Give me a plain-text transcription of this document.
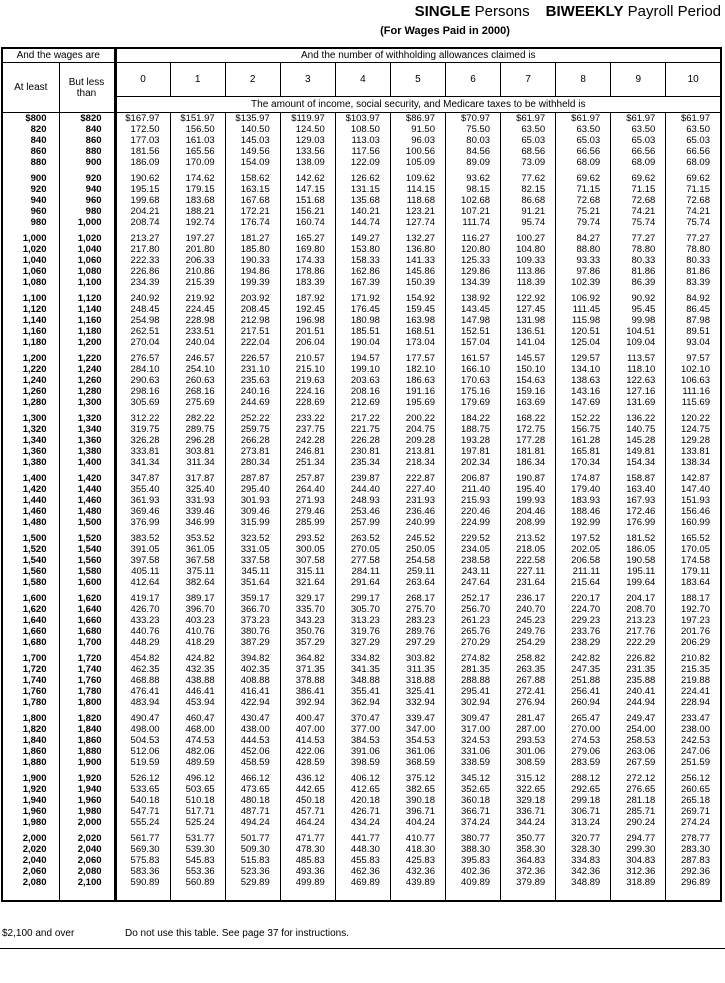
SINGLE Persons BIWEEKLY Payroll Period
(For Wages Paid in 2000)
And the wages are		And the number of withholding allowances claimed is										
At least	But less than	0	1	2	3	4	5	6	7	8	9	10
		The amount of income, social security, and Medicare taxes to be withheld is										
$800	$820	$167.97	$151.97	$135.97	$119.97	$103.97	$86.97	$70.97	$61.97	$61.97	$61.97	$61.97
820	840	172.50	156.50	140.50	124.50	108.50	91.50	75.50	63.50	63.50	63.50	63.50
840	860	177.03	161.03	145.03	129.03	113.03	96.03	80.03	65.03	65.03	65.03	65.03
860	880	181.56	165.56	149.56	133.56	117.56	100.56	84.56	68.56	66.56	66.56	66.56
880	900	186.09	170.09	154.09	138.09	122.09	105.09	89.09	73.09	68.09	68.09	68.09

900	920	190.62	174.62	158.62	142.62	126.62	109.62	93.62	77.62	69.62	69.62	69.62
920	940	195.15	179.15	163.15	147.15	131.15	114.15	98.15	82.15	71.15	71.15	71.15
940	960	199.68	183.68	167.68	151.68	135.68	118.68	102.68	86.68	72.68	72.68	72.68
960	980	204.21	188.21	172.21	156.21	140.21	123.21	107.21	91.21	75.21	74.21	74.21
980	1,000	208.74	192.74	176.74	160.74	144.74	127.74	111.74	95.74	79.74	75.74	75.74

1,000	1,020	213.27	197.27	181.27	165.27	149.27	132.27	116.27	100.27	84.27	77.27	77.27
1,020	1,040	217.80	201.80	185.80	169.80	153.80	136.80	120.80	104.80	88.80	78.80	78.80
1,040	1,060	222.33	206.33	190.33	174.33	158.33	141.33	125.33	109.33	93.33	80.33	80.33
1,060	1,080	226.86	210.86	194.86	178.86	162.86	145.86	129.86	113.86	97.86	81.86	81.86
1,080	1,100	234.39	215.39	199.39	183.39	167.39	150.39	134.39	118.39	102.39	86.39	83.39

1,100	1,120	240.92	219.92	203.92	187.92	171.92	154.92	138.92	122.92	106.92	90.92	84.92
1,120	1,140	248.45	224.45	208.45	192.45	176.45	159.45	143.45	127.45	111.45	95.45	86.45
1,140	1,160	254.98	228.98	212.98	196.98	180.98	163.98	147.98	131.98	115.98	99.98	87.98
1,160	1,180	262.51	233.51	217.51	201.51	185.51	168.51	152.51	136.51	120.51	104.51	89.51
1,180	1,200	270.04	240.04	222.04	206.04	190.04	173.04	157.04	141.04	125.04	109.04	93.04

1,200	1,220	276.57	246.57	226.57	210.57	194.57	177.57	161.57	145.57	129.57	113.57	97.57
1,220	1,240	284.10	254.10	231.10	215.10	199.10	182.10	166.10	150.10	134.10	118.10	102.10
1,240	1,260	290.63	260.63	235.63	219.63	203.63	186.63	170.63	154.63	138.63	122.63	106.63
1,260	1,280	298.16	268.16	240.16	224.16	208.16	191.16	175.16	159.16	143.16	127.16	111.16
1,280	1,300	305.69	275.69	244.69	228.69	212.69	195.69	179.69	163.69	147.69	131.69	115.69

1,300	1,320	312.22	282.22	252.22	233.22	217.22	200.22	184.22	168.22	152.22	136.22	120.22
1,320	1,340	319.75	289.75	259.75	237.75	221.75	204.75	188.75	172.75	156.75	140.75	124.75
1,340	1,360	326.28	296.28	266.28	242.28	226.28	209.28	193.28	177.28	161.28	145.28	129.28
1,360	1,380	333.81	303.81	273.81	246.81	230.81	213.81	197.81	181.81	165.81	149.81	133.81
1,380	1,400	341.34	311.34	280.34	251.34	235.34	218.34	202.34	186.34	170.34	154.34	138.34

1,400	1,420	347.87	317.87	287.87	257.87	239.87	222.87	206.87	190.87	174.87	158.87	142.87
1,420	1,440	355.40	325.40	295.40	264.40	244.40	227.40	211.40	195.40	179.40	163.40	147.40
1,440	1,460	361.93	331.93	301.93	271.93	248.93	231.93	215.93	199.93	183.93	167.93	151.93
1,460	1,480	369.46	339.46	309.46	279.46	253.46	236.46	220.46	204.46	188.46	172.46	156.46
1,480	1,500	376.99	346.99	315.99	285.99	257.99	240.99	224.99	208.99	192.99	176.99	160.99

1,500	1,520	383.52	353.52	323.52	293.52	263.52	245.52	229.52	213.52	197.52	181.52	165.52
1,520	1,540	391.05	361.05	331.05	300.05	270.05	250.05	234.05	218.05	202.05	186.05	170.05
1,540	1,560	397.58	367.58	337.58	307.58	277.58	254.58	238.58	222.58	206.58	190.58	174.58
1,560	1,580	405.11	375.11	345.11	315.11	284.11	259.11	243.11	227.11	211.11	195.11	179.11
1,580	1,600	412.64	382.64	351.64	321.64	291.64	263.64	247.64	231.64	215.64	199.64	183.64

1,600	1,620	419.17	389.17	359.17	329.17	299.17	268.17	252.17	236.17	220.17	204.17	188.17
1,620	1,640	426.70	396.70	366.70	335.70	305.70	275.70	256.70	240.70	224.70	208.70	192.70
1,640	1,660	433.23	403.23	373.23	343.23	313.23	283.23	261.23	245.23	229.23	213.23	197.23
1,660	1,680	440.76	410.76	380.76	350.76	319.76	289.76	265.76	249.76	233.76	217.76	201.76
1,680	1,700	448.29	418.29	387.29	357.29	327.29	297.29	270.29	254.29	238.29	222.29	206.29

1,700	1,720	454.82	424.82	394.82	364.82	334.82	303.82	274.82	258.82	242.82	226.82	210.82
1,720	1,740	462.35	432.35	402.35	371.35	341.35	311.35	281.35	263.35	247.35	231.35	215.35
1,740	1,760	468.88	438.88	408.88	378.88	348.88	318.88	288.88	267.88	251.88	235.88	219.88
1,760	1,780	476.41	446.41	416.41	386.41	355.41	325.41	295.41	272.41	256.41	240.41	224.41
1,780	1,800	483.94	453.94	422.94	392.94	362.94	332.94	302.94	276.94	260.94	244.94	228.94

1,800	1,820	490.47	460.47	430.47	400.47	370.47	339.47	309.47	281.47	265.47	249.47	233.47
1,820	1,840	498.00	468.00	438.00	407.00	377.00	347.00	317.00	287.00	270.00	254.00	238.00
1,840	1,860	504.53	474.53	444.53	414.53	384.53	354.53	324.53	293.53	274.53	258.53	242.53
1,860	1,880	512.06	482.06	452.06	422.06	391.06	361.06	331.06	301.06	279.06	263.06	247.06
1,880	1,900	519.59	489.59	458.59	428.59	398.59	368.59	338.59	308.59	283.59	267.59	251.59

1,900	1,920	526.12	496.12	466.12	436.12	406.12	375.12	345.12	315.12	288.12	272.12	256.12
1,920	1,940	533.65	503.65	473.65	442.65	412.65	382.65	352.65	322.65	292.65	276.65	260.65
1,940	1,960	540.18	510.18	480.18	450.18	420.18	390.18	360.18	329.18	299.18	281.18	265.18
1,960	1,980	547.71	517.71	487.71	457.71	426.71	396.71	366.71	336.71	306.71	285.71	269.71
1,980	2,000	555.24	525.24	494.24	464.24	434.24	404.24	374.24	344.24	313.24	290.24	274.24

2,000	2,020	561.77	531.77	501.77	471.77	441.77	410.77	380.77	350.77	320.77	294.77	278.77
2,020	2,040	569.30	539.30	509.30	478.30	448.30	418.30	388.30	358.30	328.30	299.30	283.30
2,040	2,060	575.83	545.83	515.83	485.83	455.83	425.83	395.83	364.83	334.83	304.83	287.83
2,060	2,080	583.36	553.36	523.36	493.36	462.36	432.36	402.36	372.36	342.36	312.36	292.36
2,080	2,100	590.89	560.89	529.89	499.89	469.89	439.89	409.89	379.89	348.89	318.89	296.89

$2,100 and over	Do not use this table. See page 37 for instructions.
